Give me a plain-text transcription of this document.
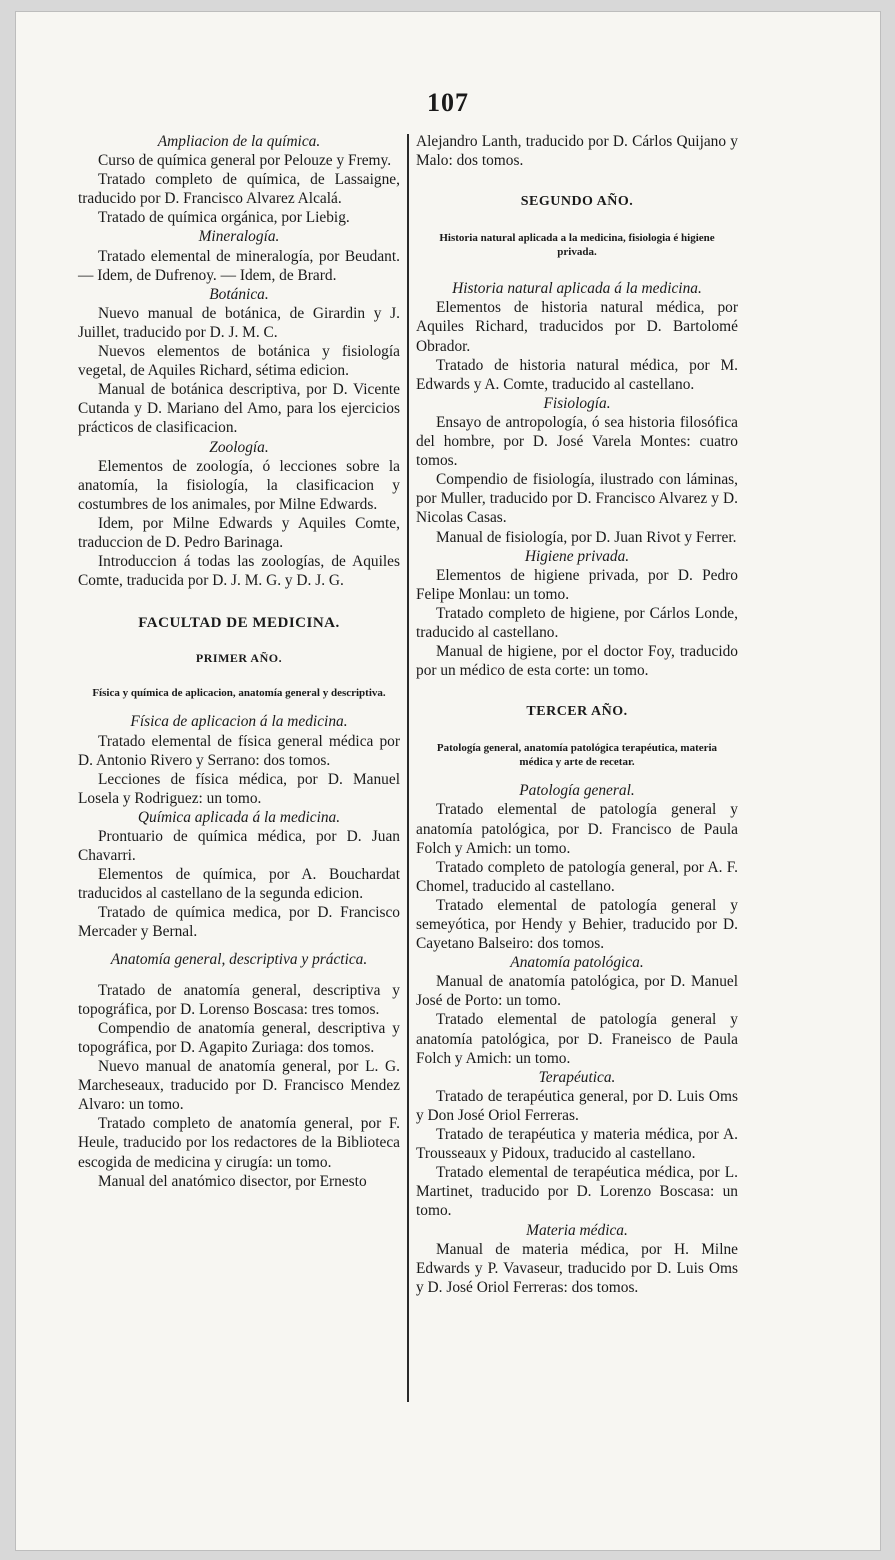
107

Ampliacion de la química.

Curso de química general por Pelouze y Fremy.

Tratado completo de química, de Lassaigne, traducido por D. Francisco Alvarez Alcalá.

Tratado de química orgánica, por Liebig.

Mineralogía.

Tratado elemental de mineralogía, por Beudant. — Idem, de Dufrenoy. — Idem, de Brard.

Botánica.

Nuevo manual de botánica, de Girardin y J. Juillet, traducido por D. J. M. C.

Nuevos elementos de botánica y fisiología vegetal, de Aquiles Richard, sétima edicion.

Manual de botánica descriptiva, por D. Vicente Cutanda y D. Mariano del Amo, para los ejercicios prácticos de clasificacion.

Zoología.

Elementos de zoología, ó lecciones sobre la anatomía, la fisiología, la clasificacion y costumbres de los animales, por Milne Edwards.

Idem, por Milne Edwards y Aquiles Comte, traduccion de D. Pedro Barinaga.

Introduccion á todas las zoologías, de Aquiles Comte, traducida por D. J. M. G. y D. J. G.

FACULTAD DE MEDICINA.
PRIMER AÑO.
Física y química de aplicacion, anatomía general y descriptiva.

Física de aplicacion á la medicina.

Tratado elemental de física general médica por D. Antonio Rivero y Serrano: dos tomos.

Lecciones de física médica, por D. Manuel Losela y Rodriguez: un tomo.

Química aplicada á la medicina.

Prontuario de química médica, por D. Juan Chavarri.

Elementos de química, por A. Bouchardat traducidos al castellano de la segunda edicion.

Tratado de química medica, por D. Francisco Mercader y Bernal.

Anatomía general, descriptiva y práctica.

Tratado de anatomía general, descriptiva y topográfica, por D. Lorenso Boscasa: tres tomos.

Compendio de anatomía general, descriptiva y topográfica, por D. Agapito Zuriaga: dos tomos.

Nuevo manual de anatomía general, por L. G. Marcheseaux, traducido por D. Francisco Mendez Alvaro: un tomo.

Tratado completo de anatomía general, por F. Heule, traducido por los redactores de la Biblioteca escogida de medicina y cirugía: un tomo.

Manual del anatómico disector, por Ernesto

Alejandro Lanth, traducido por D. Cárlos Quijano y Malo: dos tomos.

SEGUNDO AÑO.
Historia natural aplicada a la medicina, fisiologia é higiene privada.

Historia natural aplicada á la medicina.

Elementos de historia natural médica, por Aquiles Richard, traducidos por D. Bartolomé Obrador.

Tratado de historia natural médica, por M. Edwards y A. Comte, traducido al castellano.

Fisiología.

Ensayo de antropología, ó sea historia filosófica del hombre, por D. José Varela Montes: cuatro tomos.

Compendio de fisiología, ilustrado con láminas, por Muller, traducido por D. Francisco Alvarez y D. Nicolas Casas.

Manual de fisiología, por D. Juan Rivot y Ferrer.

Higiene privada.

Elementos de higiene privada, por D. Pedro Felipe Monlau: un tomo.

Tratado completo de higiene, por Cárlos Londe, traducido al castellano.

Manual de higiene, por el doctor Foy, traducido por un médico de esta corte: un tomo.

TERCER AÑO.
Patología general, anatomía patológica terapéutica, materia médica y arte de recetar.

Patología general.

Tratado elemental de patología general y anatomía patológica, por D. Francisco de Paula Folch y Amich: un tomo.

Tratado completo de patología general, por A. F. Chomel, traducido al castellano.

Tratado elemental de patología general y semeyótica, por Hendy y Behier, traducido por D. Cayetano Balseiro: dos tomos.

Anatomía patológica.

Manual de anatomía patológica, por D. Manuel José de Porto: un tomo.

Tratado elemental de patología general y anatomía patológica, por D. Franeisco de Paula Folch y Amich: un tomo.

Terapéutica.

Tratado de terapéutica general, por D. Luis Oms y Don José Oriol Ferreras.

Tratado de terapéutica y materia médica, por A. Trousseaux y Pidoux, traducido al castellano.

Tratado elemental de terapéutica médica, por L. Martinet, traducido por D. Lorenzo Boscasa: un tomo.

Materia médica.

Manual de materia médica, por H. Milne Edwards y P. Vavaseur, traducido por D. Luis Oms y D. José Oriol Ferreras: dos tomos.
